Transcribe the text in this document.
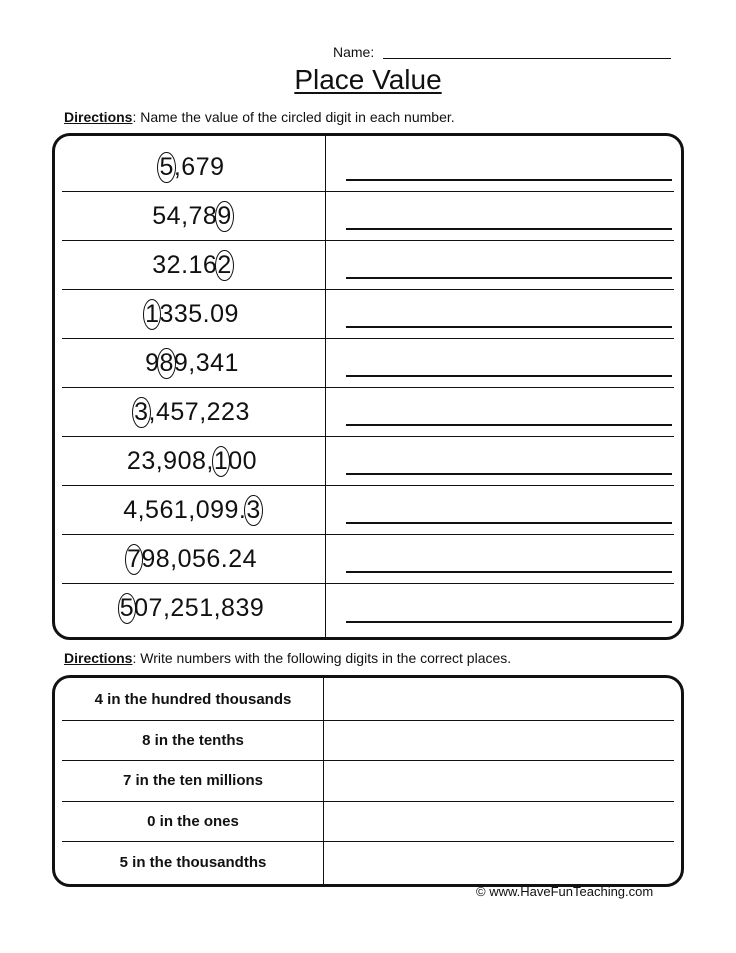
Name:
Place Value
Directions: Name the value of the circled digit in each number.
5 ,679
54,78 9
32.16 2
1 335.09
9 8 9,341
3 ,457,223
23,908, 1 00
4,561,099. 3
7 98,056.24
5 07,251,839
Directions: Write numbers with the following digits in the correct places.
4 in the hundred thousands
8 in the tenths
7 in the ten millions
0 in the ones
5 in the thousandths
© www.HaveFunTeaching.com
